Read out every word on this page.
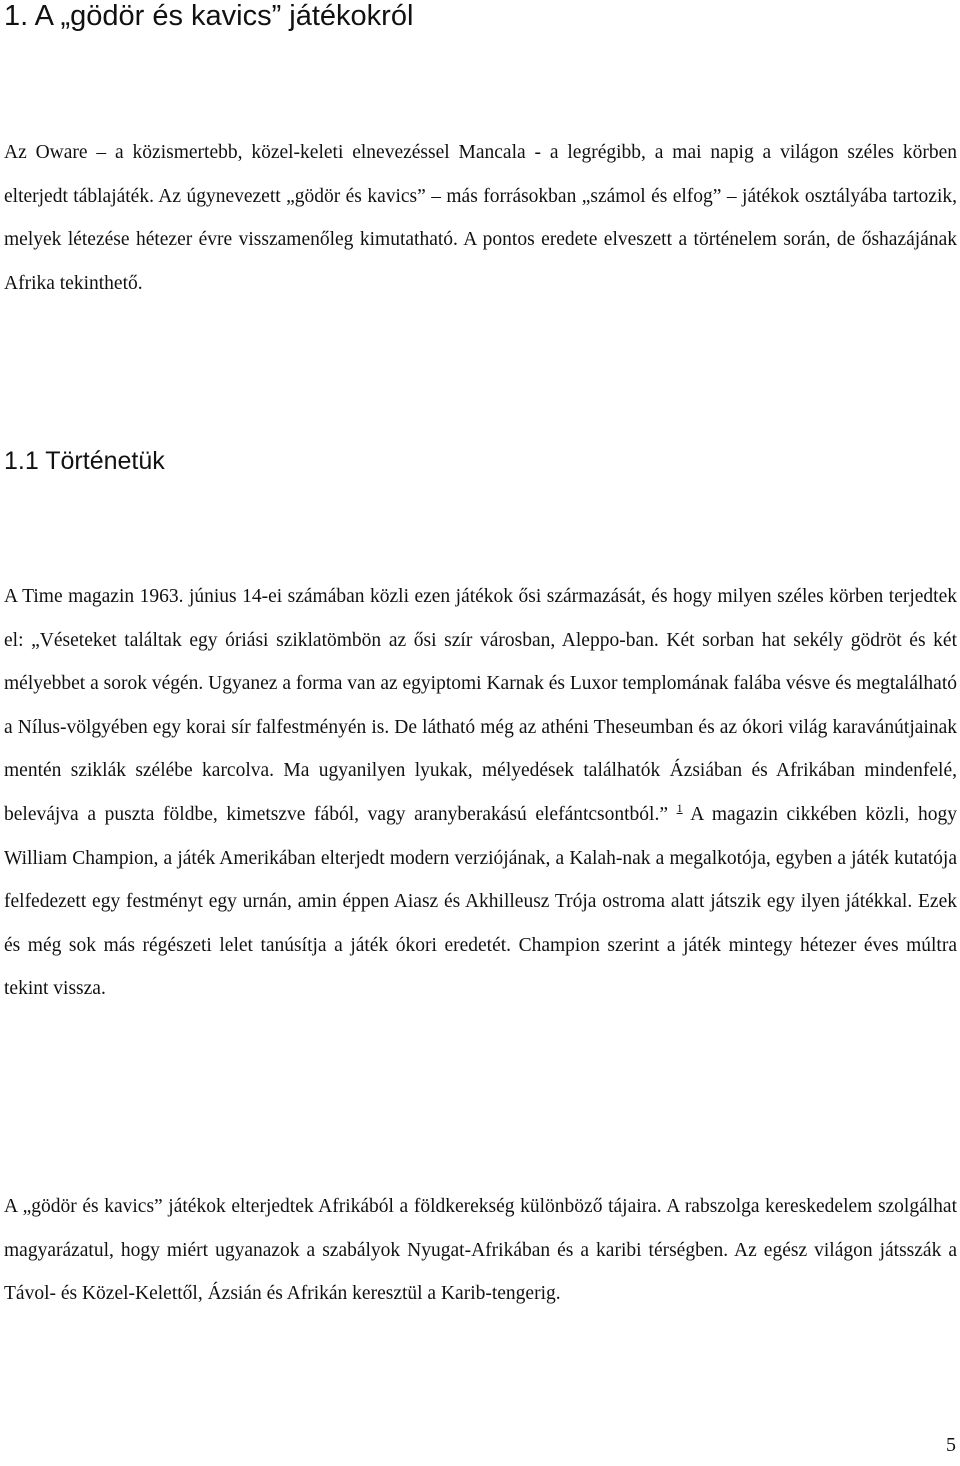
1. A „gödör és kavics” játékokról

Az Oware – a közismertebb, közel-keleti elnevezéssel Mancala - a legrégibb, a mai napig a világon széles körben elterjedt táblajáték. Az úgynevezett „gödör és kavics” – más forrásokban „számol és elfog” – játékok osztályába tartozik, melyek létezése hétezer évre visszamenőleg kimutatható. A pontos eredete elveszett a történelem során, de őshazájának Afrika tekinthető.

1.1 Történetük

A Time magazin 1963. június 14-ei számában közli ezen játékok ősi származását, és hogy milyen széles körben terjedtek el: „Véseteket találtak egy óriási sziklatömbön az ősi szír városban, Aleppo-ban. Két sorban hat sekély gödröt és két mélyebbet a sorok végén. Ugyanez a forma van az egyiptomi Karnak és Luxor templomának falába vésve és megtalálható a Nílus-völgyében egy korai sír falfestményén is. De látható még az athéni Theseumban és az ókori világ karavánútjainak mentén sziklák szélébe karcolva. Ma ugyanilyen lyukak, mélyedések találhatók Ázsiában és Afrikában mindenfelé, belevájva a puszta földbe, kimetszve fából, vagy aranyberakású elefántcsontból.” $^1$ A magazin cikkében közli, hogy William Champion, a játék Amerikában elterjedt modern verziójának, a Kalah-nak a megalkotója, egyben a játék kutatója felfedezett egy festményt egy urnán, amin éppen Aiasz és Akhilleusz Trója ostroma alatt játszik egy ilyen játékkal. Ezek és még sok más régészeti lelet tanúsítja a játék ókori eredetét. Champion szerint a játék mintegy hétezer éves múltra tekint vissza.

A „gödör és kavics” játékok elterjedtek Afrikából a földkerekség különböző tájaira. A rabszolga kereskedelem szolgálhat magyarázatul, hogy miért ugyanazok a szabályok Nyugat-Afrikában és a karibi térségben. Az egész világon játsszák a Távol- és Közel-Kelettől, Ázsián és Afrikán keresztül a Karib-tengerig.

5
